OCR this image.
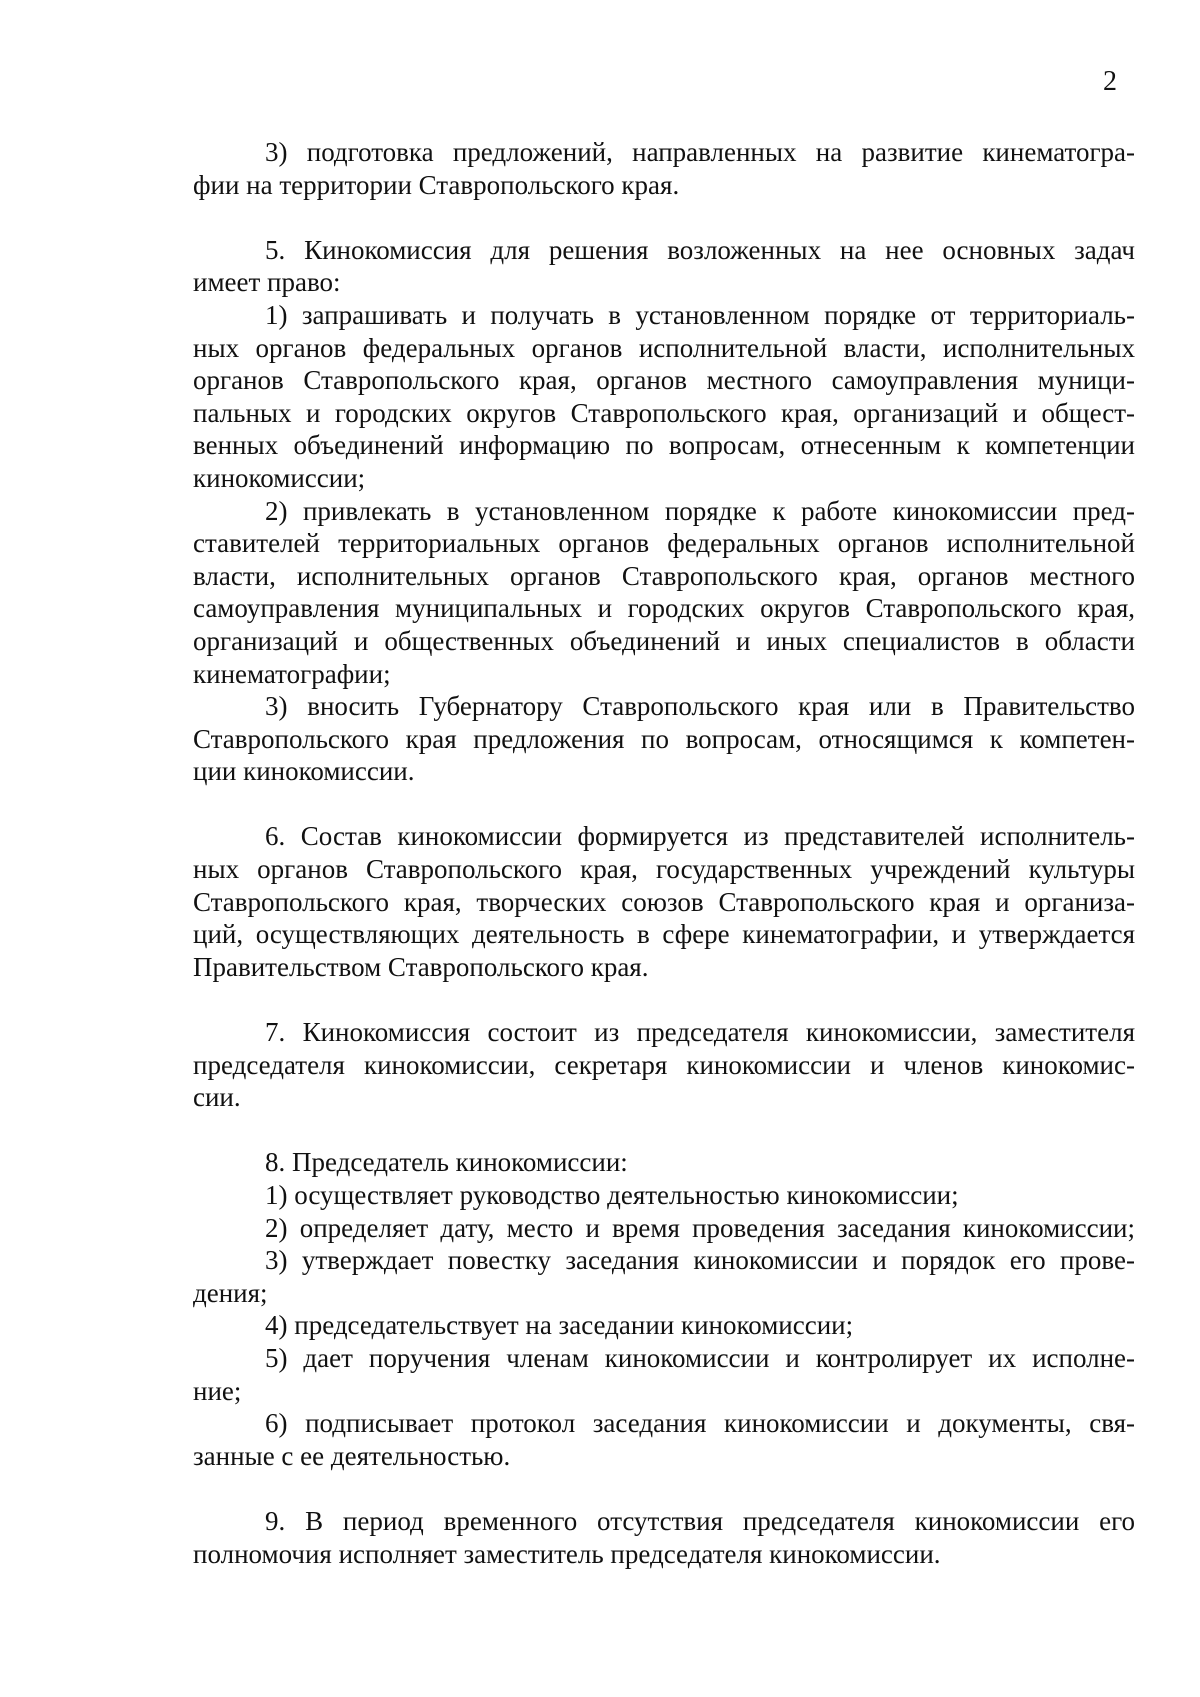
2
3) подготовка предложений, направленных на развитие кинематогра-
фии на территории Ставропольского края.
5. Кинокомиссия для решения возложенных на нее основных задач
имеет право:
1) запрашивать и получать в установленном порядке от территориаль-
ных органов федеральных органов исполнительной власти, исполнительных
органов Ставропольского края, органов местного самоуправления муници-
пальных и городских округов Ставропольского края, организаций и общест-
венных объединений информацию по вопросам, отнесенным к компетенции
кинокомиссии;
2) привлекать в установленном порядке к работе кинокомиссии пред-
ставителей территориальных органов федеральных органов исполнительной
власти, исполнительных органов Ставропольского края, органов местного
самоуправления муниципальных и городских округов Ставропольского края,
организаций и общественных объединений и иных специалистов в области
кинематографии;
3) вносить Губернатору Ставропольского края или в Правительство
Ставропольского края предложения по вопросам, относящимся к компетен-
ции кинокомиссии.
6. Состав кинокомиссии формируется из представителей исполнитель-
ных органов Ставропольского края, государственных учреждений культуры
Ставропольского края, творческих союзов Ставропольского края и организа-
ций, осуществляющих деятельность в сфере кинематографии, и утверждается
Правительством Ставропольского края.
7. Кинокомиссия состоит из председателя кинокомиссии, заместителя
председателя кинокомиссии, секретаря кинокомиссии и членов кинокомис-
сии.
8. Председатель кинокомиссии:
1) осуществляет руководство деятельностью кинокомиссии;
2) определяет дату, место и время проведения заседания кинокомиссии;
3) утверждает повестку заседания кинокомиссии и порядок его прове-
дения;
4) председательствует на заседании кинокомиссии;
5) дает поручения членам кинокомиссии и контролирует их исполне-
ние;
6) подписывает протокол заседания кинокомиссии и документы, свя-
занные с ее деятельностью.
9. В период временного отсутствия председателя кинокомиссии его
полномочия исполняет заместитель председателя кинокомиссии.
